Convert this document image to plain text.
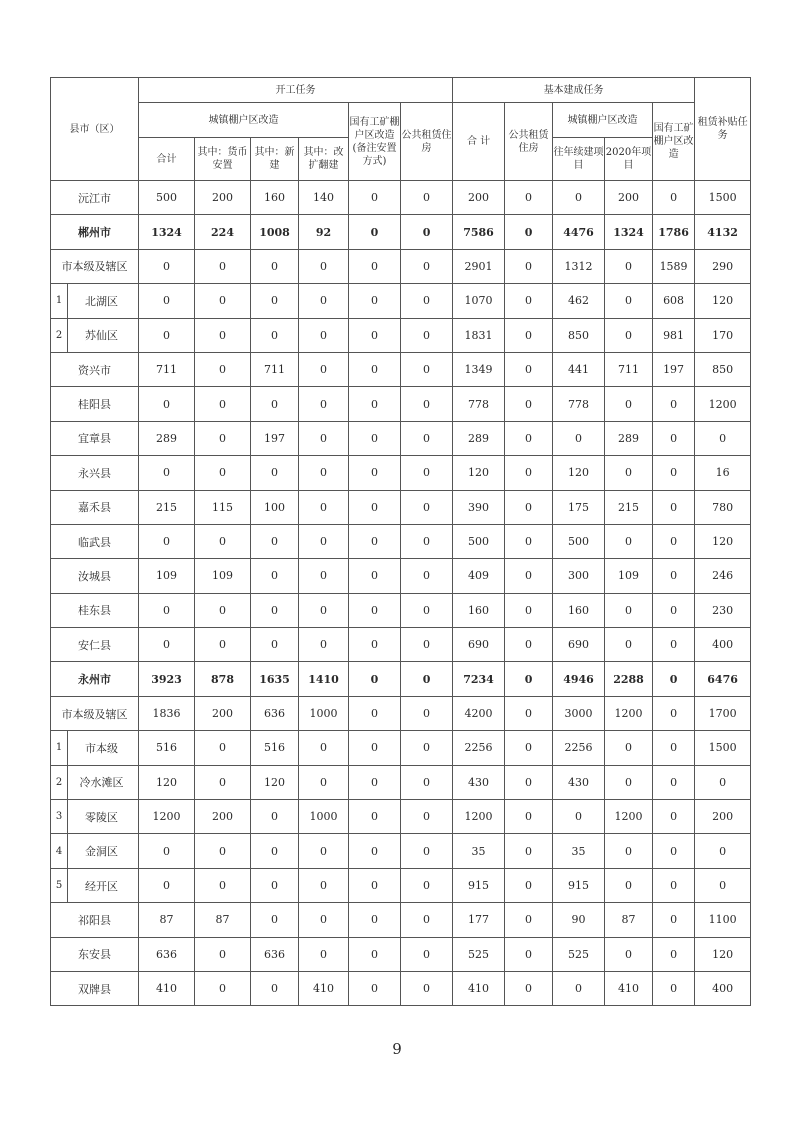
县市（区）	开工任务						基本建成任务					租赁补贴任务
	城镇棚户区改造				国有工矿棚户区改造(备注安置方式)	公共租赁住房	合 计	公共租赁住房	城镇棚户区改造		国有工矿棚户区改造	
	合计	其中：货币安置	其中：新 建	其中：改扩翻建					往年续建项目	2020年项目		
沅江市	500	200	160	140	0	0	200	0	0	200	0	1500
郴州市	1324	224	1008	92	0	0	7586	0	4476	1324	1786	4132
市本级及辖区	0	0	0	0	0	0	2901	0	1312	0	1589	290

1 北湖区	0	0	0	0	0	0	1070	0	462	0	608	120

2 苏仙区	0	0	0	0	0	0	1831	0	850	0	981	170
资兴市	711	0	711	0	0	0	1349	0	441	711	197	850
桂阳县	0	0	0	0	0	0	778	0	778	0	0	1200
宜章县	289	0	197	0	0	0	289	0	0	289	0	0
永兴县	0	0	0	0	0	0	120	0	120	0	0	16
嘉禾县	215	115	100	0	0	0	390	0	175	215	0	780
临武县	0	0	0	0	0	0	500	0	500	0	0	120
汝城县	109	109	0	0	0	0	409	0	300	109	0	246
桂东县	0	0	0	0	0	0	160	0	160	0	0	230
安仁县	0	0	0	0	0	0	690	0	690	0	0	400
永州市	3923	878	1635	1410	0	0	7234	0	4946	2288	0	6476
市本级及辖区	1836	200	636	1000	0	0	4200	0	3000	1200	0	1700

1 市本级	516	0	516	0	0	0	2256	0	2256	0	0	1500

2 冷水滩区	120	0	120	0	0	0	430	0	430	0	0	0

3 零陵区	1200	200	0	1000	0	0	1200	0	0	1200	0	200

4 金洞区	0	0	0	0	0	0	35	0	35	0	0	0

5 经开区	0	0	0	0	0	0	915	0	915	0	0	0
祁阳县	87	87	0	0	0	0	177	0	90	87	0	1100
东安县	636	0	636	0	0	0	525	0	525	0	0	120
双牌县	410	0	0	410	0	0	410	0	0	410	0	400
9
